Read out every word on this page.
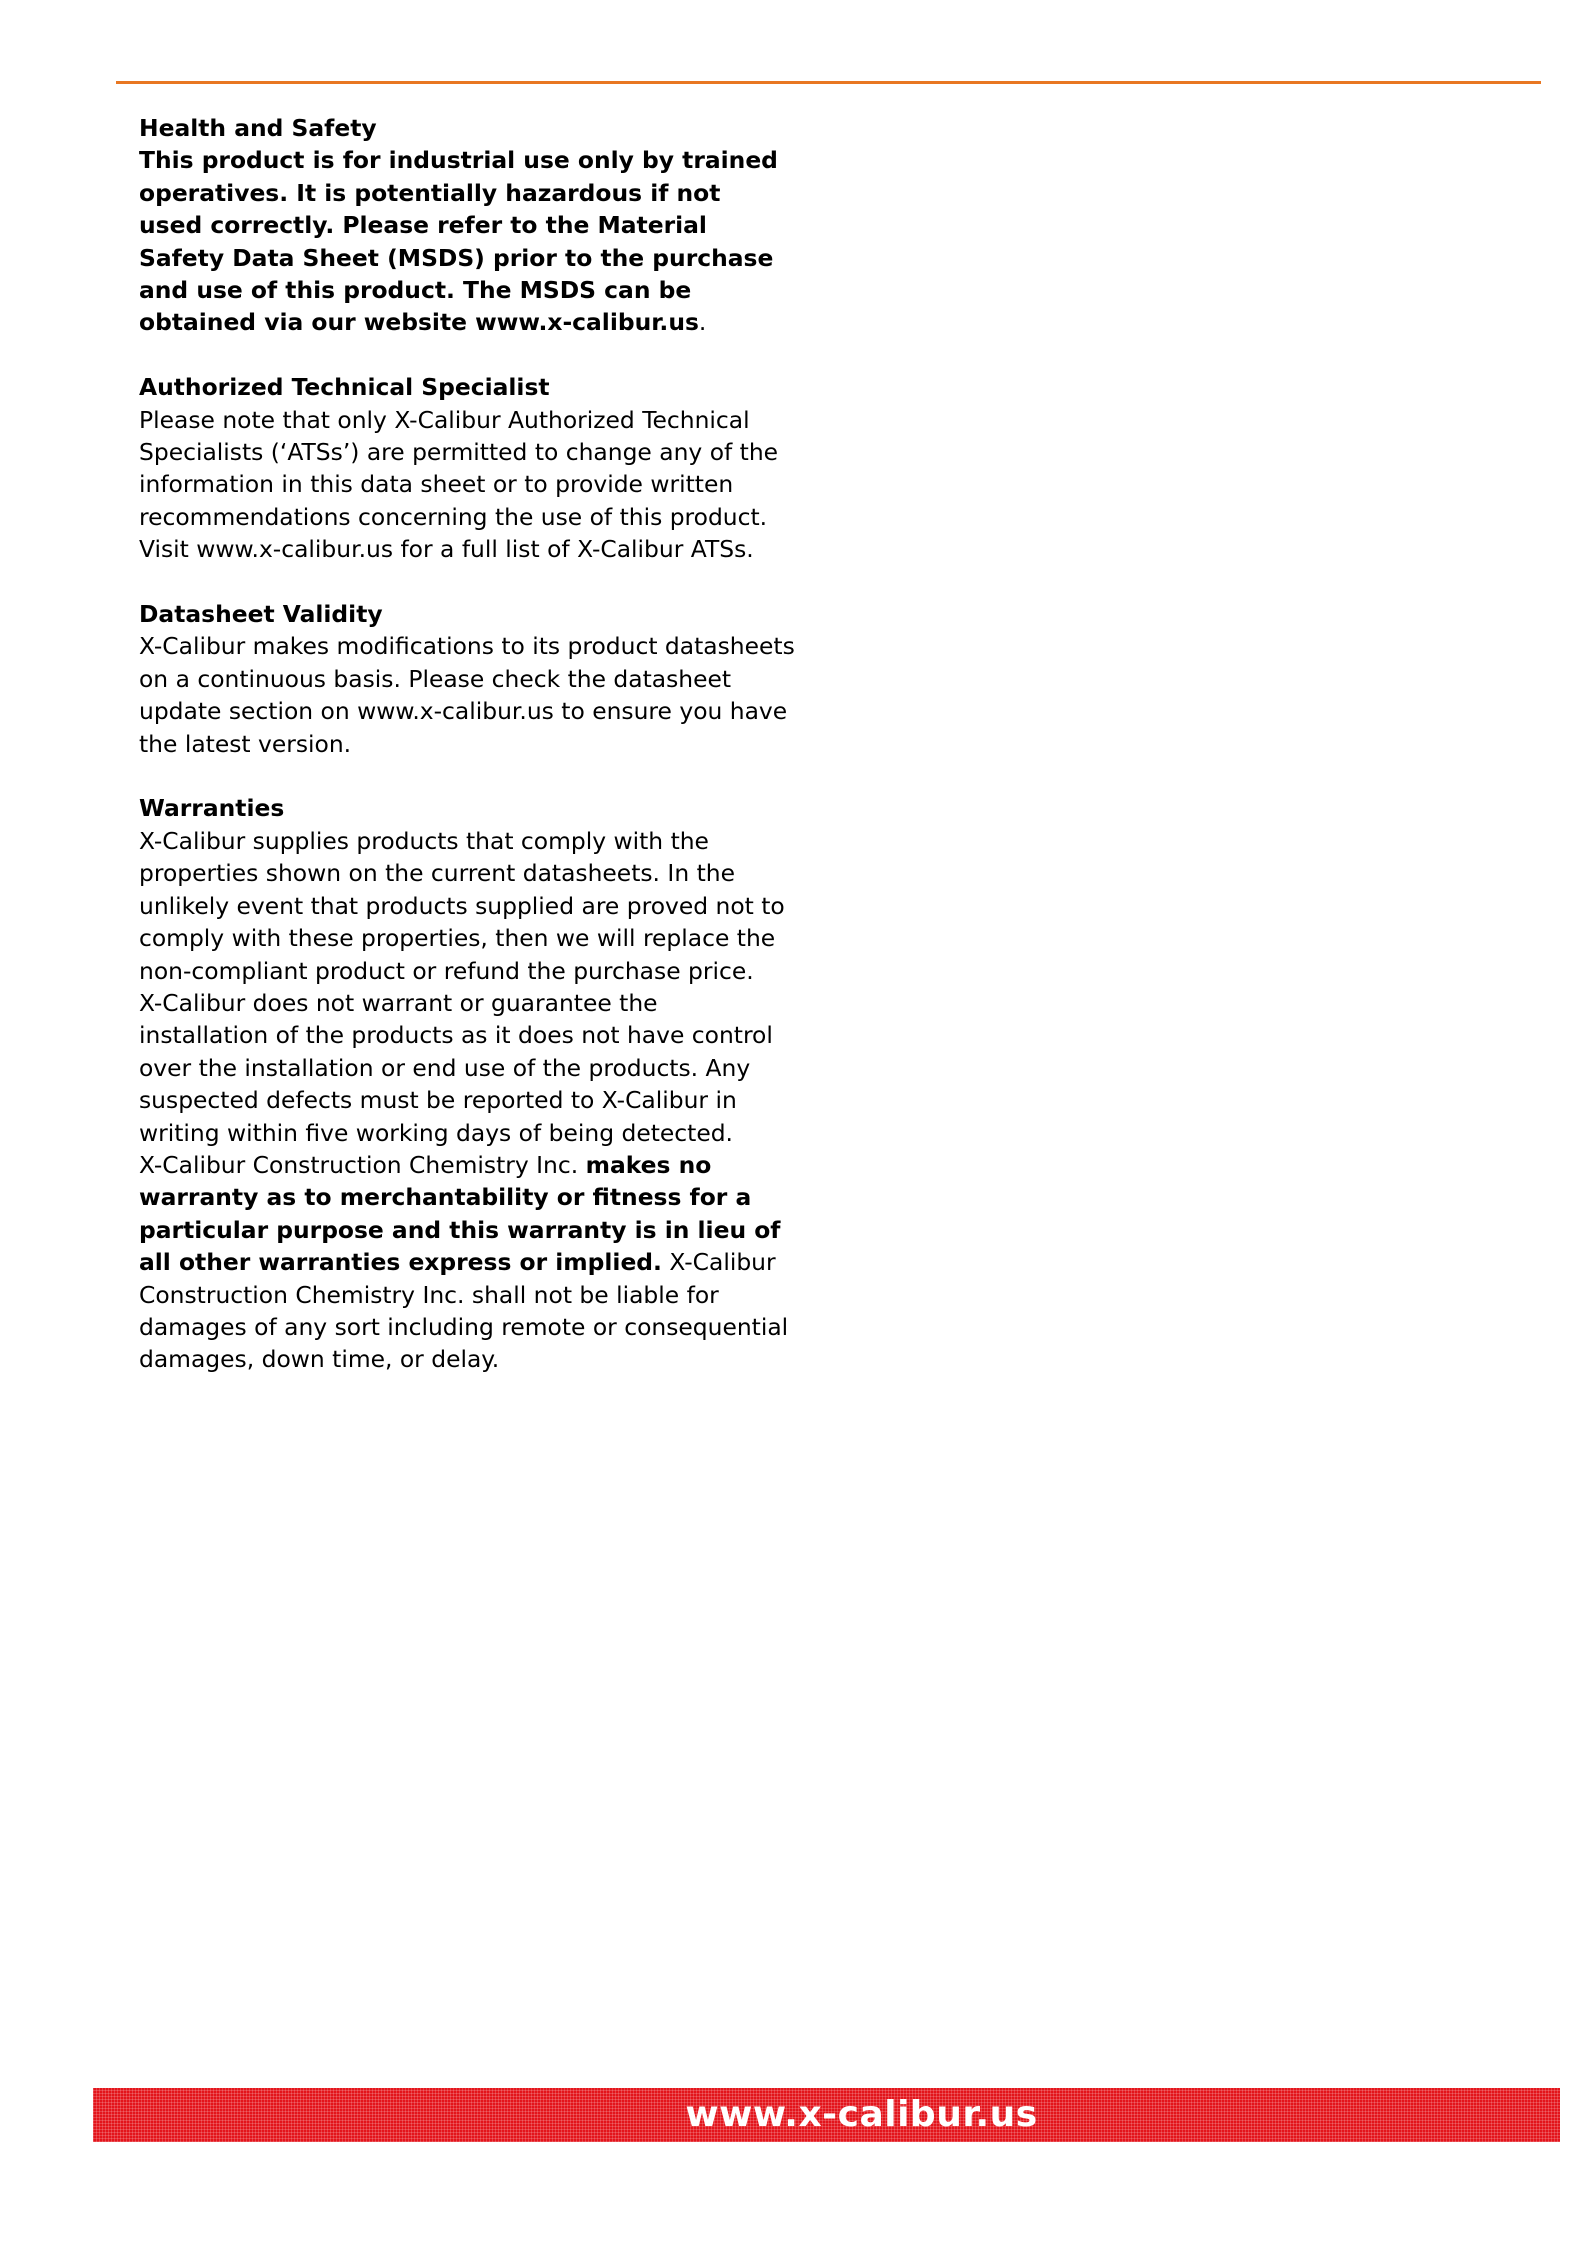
Health and Safety
This product is for industrial use only by trained
operatives. It is potentially hazardous if not
used correctly. Please refer to the Material
Safety Data Sheet (MSDS) prior to the purchase
and use of this product. The MSDS can be
obtained via our website www.x-calibur.us.
Authorized Technical Specialist
Please note that only X-Calibur Authorized Technical
Specialists (‘ATSs’) are permitted to change any of the
information in this data sheet or to provide written
recommendations concerning the use of this product.
Visit www.x-calibur.us for a full list of X-Calibur ATSs.
Datasheet Validity
X-Calibur makes modifications to its product datasheets
on a continuous basis. Please check the datasheet
update section on www.x-calibur.us to ensure you have
the latest version.
Warranties
X-Calibur supplies products that comply with the
properties shown on the current datasheets. In the
unlikely event that products supplied are proved not to
comply with these properties, then we will replace the
non-compliant product or refund the purchase price.
X-Calibur does not warrant or guarantee the
installation of the products as it does not have control
over the installation or end use of the products. Any
suspected defects must be reported to X-Calibur in
writing within five working days of being detected.
X-Calibur Construction Chemistry Inc. makes no
warranty as to merchantability or fitness for a
particular purpose and this warranty is in lieu of
all other warranties express or implied. X-Calibur
Construction Chemistry Inc. shall not be liable for
damages of any sort including remote or consequential
damages, down time, or delay.
www.x-calibur.us
